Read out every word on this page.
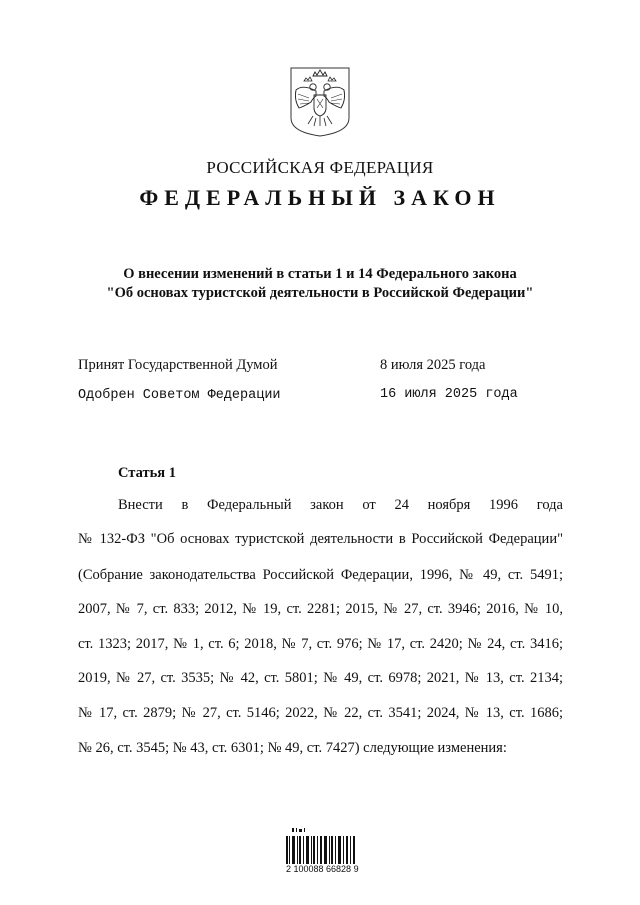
РОССИЙСКАЯ ФЕДЕРАЦИЯ
ФЕДЕРАЛЬНЫЙ ЗАКОН
О внесении изменений в статьи 1 и 14 Федерального закона
"Об основах туристской деятельности в Российской Федерации"
Принят Государственной Думой	8 июля 2025 года
Одобрен Советом Федерации	16 июля 2025 года
Статья 1
Внести в Федеральный закон от 24 ноября 1996 года
№ 132-ФЗ "Об основах туристской деятельности в Российской Федерации"
(Собрание законодательства Российской Федерации, 1996, № 49, ст. 5491;
2007, № 7, ст. 833; 2012, № 19, ст. 2281; 2015, № 27, ст. 3946; 2016, № 10,
ст. 1323; 2017, № 1, ст. 6; 2018, № 7, ст. 976; № 17, ст. 2420; № 24, ст. 3416;
2019, № 27, ст. 3535; № 42, ст. 5801; № 49, ст. 6978; 2021, № 13, ст. 2134;
№ 17, ст. 2879; № 27, ст. 5146; 2022, № 22, ст. 3541; 2024, № 13, ст. 1686;
№ 26, ст. 3545; № 43, ст. 6301; № 49, ст. 7427) следующие изменения:
2 100088 66828 9
